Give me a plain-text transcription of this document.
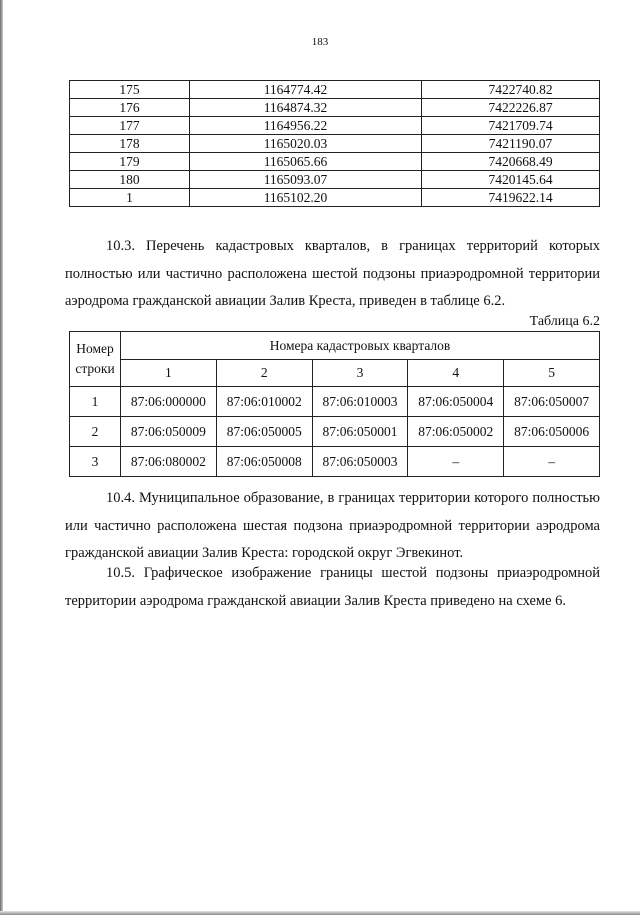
183
175	1164774.42	7422740.82
176	1164874.32	7422226.87
177	1164956.22	7421709.74
178	1165020.03	7421190.07
179	1165065.66	7420668.49
180	1165093.07	7420145.64
1	1165102.20	7419622.14

10.3. Перечень кадастровых кварталов, в границах территорий которых полностью или частично расположена шестой подзоны приаэродромной территории аэродрома гражданской авиации Залив Креста, приведен в таблице 6.2.

Таблица 6.2
Номер
строки	Номера кадастровых кварталов				
	1	2	3	4	5
1	87:06:000000	87:06:010002	87:06:010003	87:06:050004	87:06:050007
2	87:06:050009	87:06:050005	87:06:050001	87:06:050002	87:06:050006
3	87:06:080002	87:06:050008	87:06:050003	–	–

10.4. Муниципальное образование, в границах территории которого полностью или частично расположена шестая подзона приаэродромной территории аэродрома гражданской авиации Залив Креста: городской округ Эгвекинот.

10.5. Графическое изображение границы шестой подзоны приаэродромной территории аэродрома гражданской авиации Залив Креста приведено на схеме 6.
